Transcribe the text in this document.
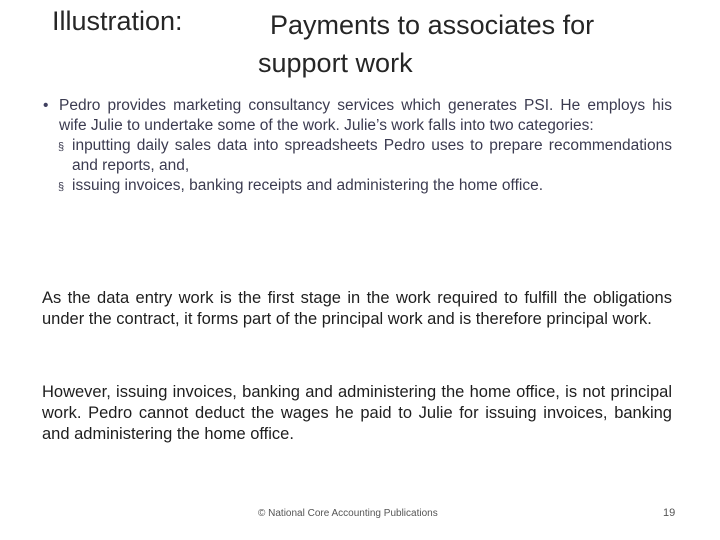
Illustration:	Payments to associates for
support work
• Pedro provides marketing consultancy services which generates PSI. He employs his wife Julie to undertake some of the work. Julie’s work falls into two categories:
§ inputting daily sales data into spreadsheets Pedro uses to prepare recommendations and reports, and,
§ issuing invoices, banking receipts and administering the home office.
As the data entry work is the first stage in the work required to fulfill the obligations under the contract, it forms part of the principal work and is therefore principal work.
However, issuing invoices, banking and administering the home office, is not principal work. Pedro cannot deduct the wages he paid to Julie for issuing invoices, banking and administering the home office.
© National Core Accounting Publications	19
